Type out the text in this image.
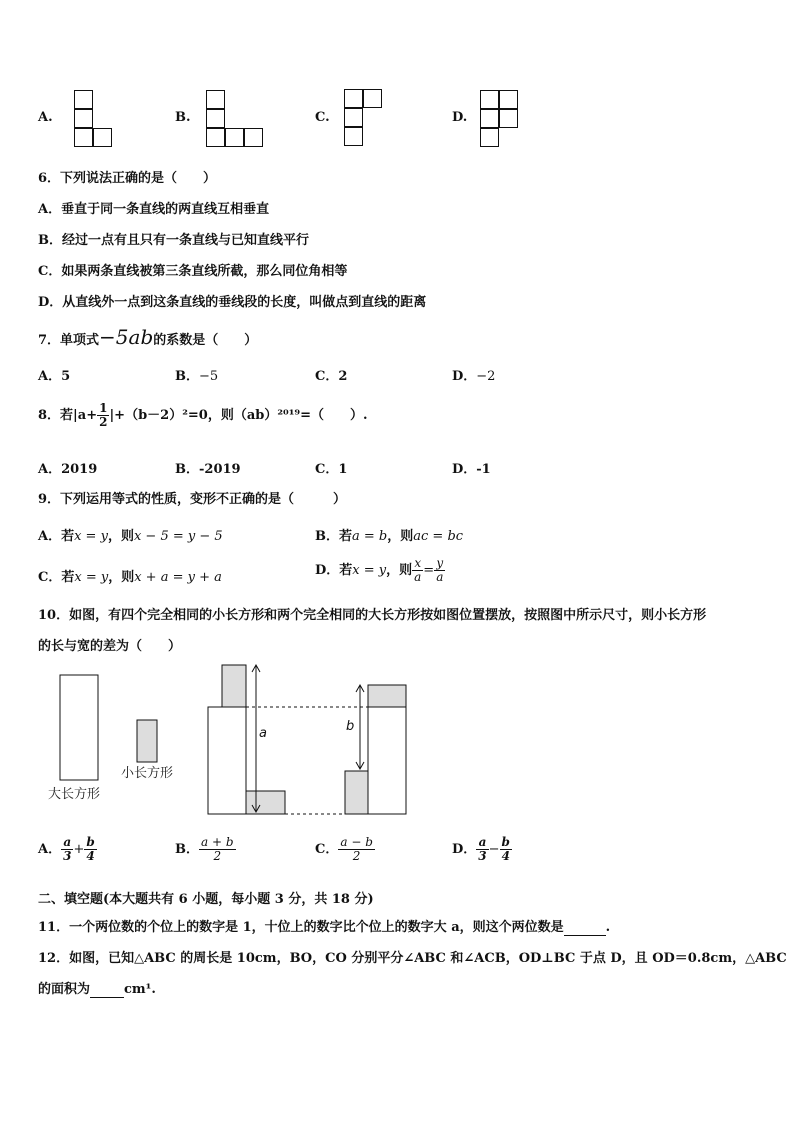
A.	B.	C.	D.
6．下列说法正确的是（　　）
A．垂直于同一条直线的两直线互相垂直
B．经过一点有且只有一条直线与已知直线平行
C．如果两条直线被第三条直线所截，那么同位角相等
D．从直线外一点到这条直线的垂线段的长度，叫做点到直线的距离
7．单项式−5ab的系数是（　　）
A．5	B．−5	C．2	D．−2
8．若$|a+ \frac{1}{2} |+(b-2)^2=0$，则（ab）²⁰¹⁹=（　　）.
A．2019	B．-2019	C．1	D．-1
9．下列运用等式的性质，变形不正确的是（　　　）
A．若x = y，则x − 5 = y − 5	B．若a = b，则ac = bc
C．若x = y，则x + a = y + a	D．若x = y，则 $\frac{x}{a} = \frac{y}{a}$
10．如图，有四个完全相同的小长方形和两个完全相同的大长方形按如图位置摆放，按照图中所示尺寸，则小长方形
的长与宽的差为（　　）
大长方形
小长方形
a	b
A． $\frac{a}{3} + \frac{b}{4}$	B． $\frac{a + b}{2}$	C． $\frac{a - b}{2}$	D． $\frac{a}{3} - \frac{b}{4}$
二、填空题(本大题共有 6 小题，每小题 3 分，共 18 分)
11．一个两位数的个位上的数字是 1，十位上的数字比个位上的数字大 a，则这个两位数是	.
12．如图，已知△ABC 的周长是 10cm，BO，CO 分别平分∠ABC 和∠ACB，OD⊥BC 于点 D，且 OD＝0.8cm，△ABC
的面积为	cm¹.
